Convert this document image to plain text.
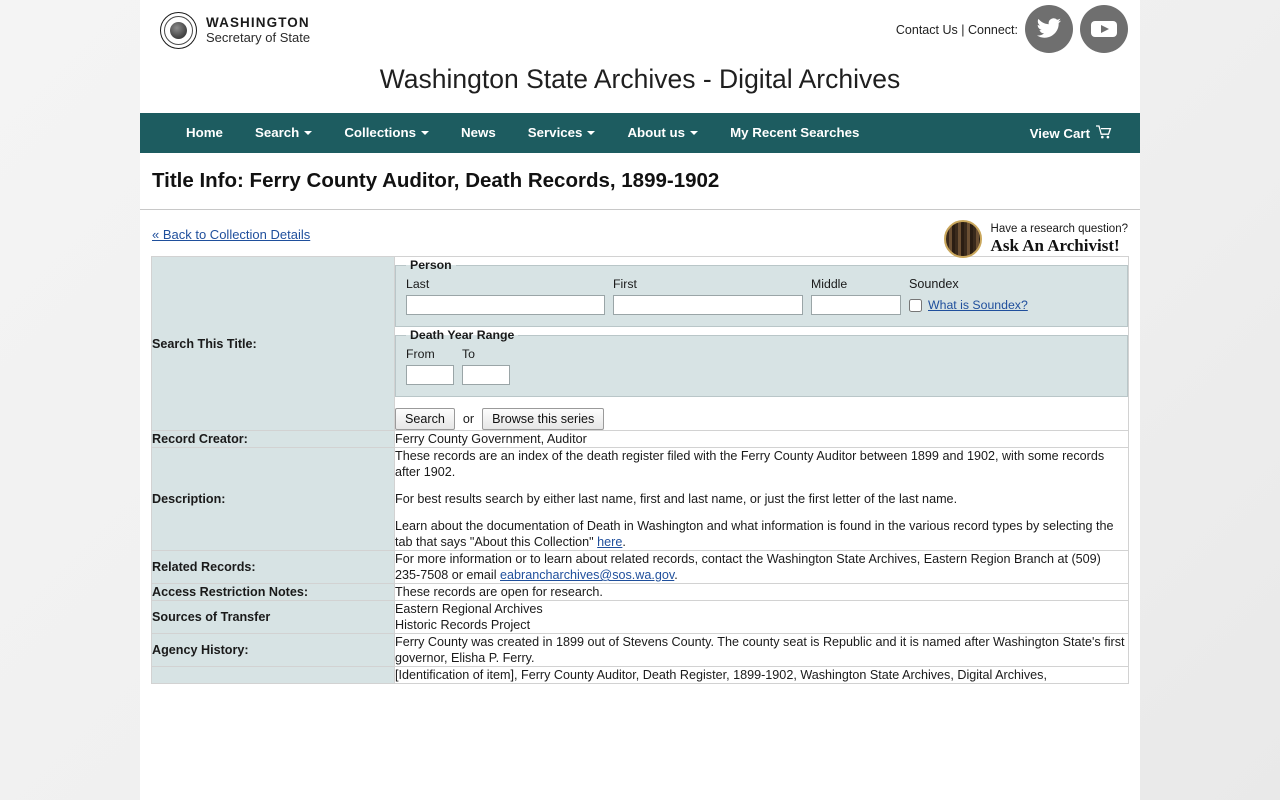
WASHINGTON
Secretary of State	Contact Us | Connect:
Washington State Archives - Digital Archives
Home	Search	Collections	News	Services	About us	My Recent Searches	View Cart
Title Info: Ferry County Auditor, Death Records, 1899-1902
« Back to Collection Details	Have a research question?
Ask An Archivist!
Search This Title:	
Person
Last	First	Middle	Soundex
What is Soundex?
Death Year Range
From	To
Search	or	Browse this series

Record Creator:	Ferry County Government, Auditor

Description:	These records are an index of the death register filed with the Ferry County Auditor between 1899 and 1902, with some records after 1902.

For best results search by either last name, first and last name, or just the first letter of the last name.

Learn about the documentation of Death in Washington and what information is found in the various record types by selecting the tab that says "About this Collection" here.

Related Records:	For more information or to learn about related records, contact the Washington State Archives, Eastern Region Branch at (509) 235-7508 or email eabrancharchives@sos.wa.gov.

Access Restriction Notes:	These records are open for research.

Sources of Transfer	Eastern Regional Archives
Historic Records Project

Agency History:	Ferry County was created in 1899 out of Stevens County. The county seat is Republic and it is named after Washington State's first governor, Elisha P. Ferry.

	[Identification of item], Ferry County Auditor, Death Register, 1899-1902, Washington State Archives, Digital Archives,
